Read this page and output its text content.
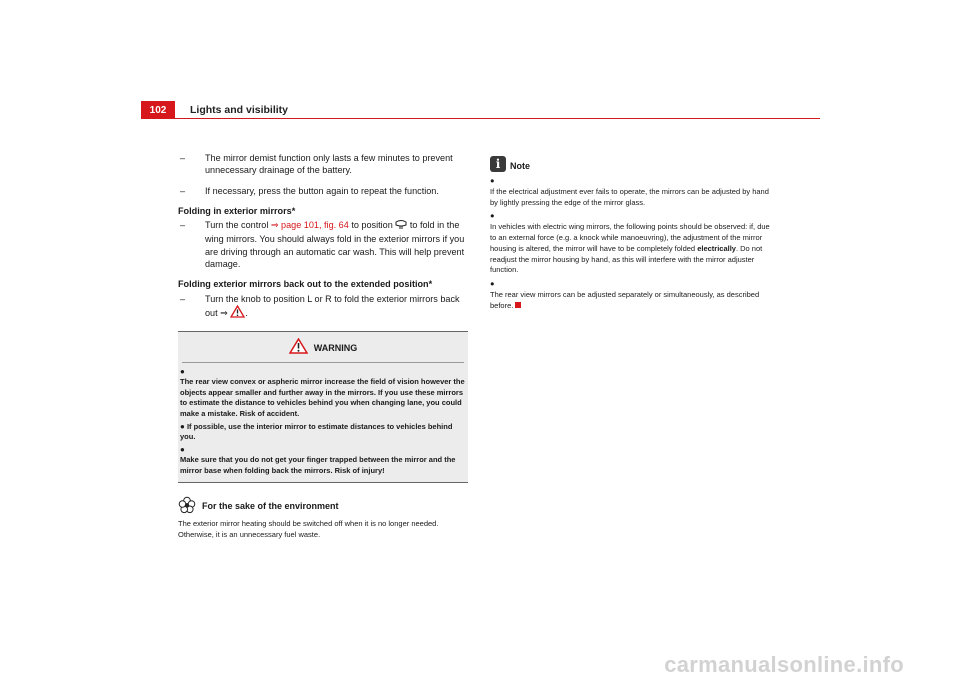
102 Lights and visibility
– The mirror demist function only lasts a few minutes to prevent unnecessary drainage of the battery.
– If necessary, press the button again to repeat the function.
Folding in exterior mirrors*
– Turn the control ⇒ page 101, fig. 64 to position  to fold in the wing mirrors. You should always fold in the exterior mirrors if you are driving through an automatic car wash. This will help prevent damage.
Folding exterior mirrors back out to the extended position*
– Turn the knob to position L or R to fold the exterior mirrors back out ⇒ .
WARNING
●
The rear view convex or aspheric mirror increase the field of vision however the objects appear smaller and further away in the mirrors. If you use these mirrors to estimate the distance to vehicles behind you when changing lane, you could make a mistake. Risk of accident.
● If possible, use the interior mirror to estimate distances to vehicles behind you.
●
Make sure that you do not get your finger trapped between the mirror and the mirror base when folding back the mirrors. Risk of injury!
For the sake of the environment
The exterior mirror heating should be switched off when it is no longer needed. Otherwise, it is an unnecessary fuel waste.
i	Note
●
If the electrical adjustment ever fails to operate, the mirrors can be adjusted by hand by lightly pressing the edge of the mirror glass.
●
In vehicles with electric wing mirrors, the following points should be observed: if, due to an external force (e.g. a knock while manoeuvring), the adjustment of the mirror housing is altered, the mirror will have to be completely folded electrically. Do not readjust the mirror housing by hand, as this will interfere with the mirror adjuster function.
●
The rear view mirrors can be adjusted separately or simultaneously, as described before.
carmanualsonline.info
